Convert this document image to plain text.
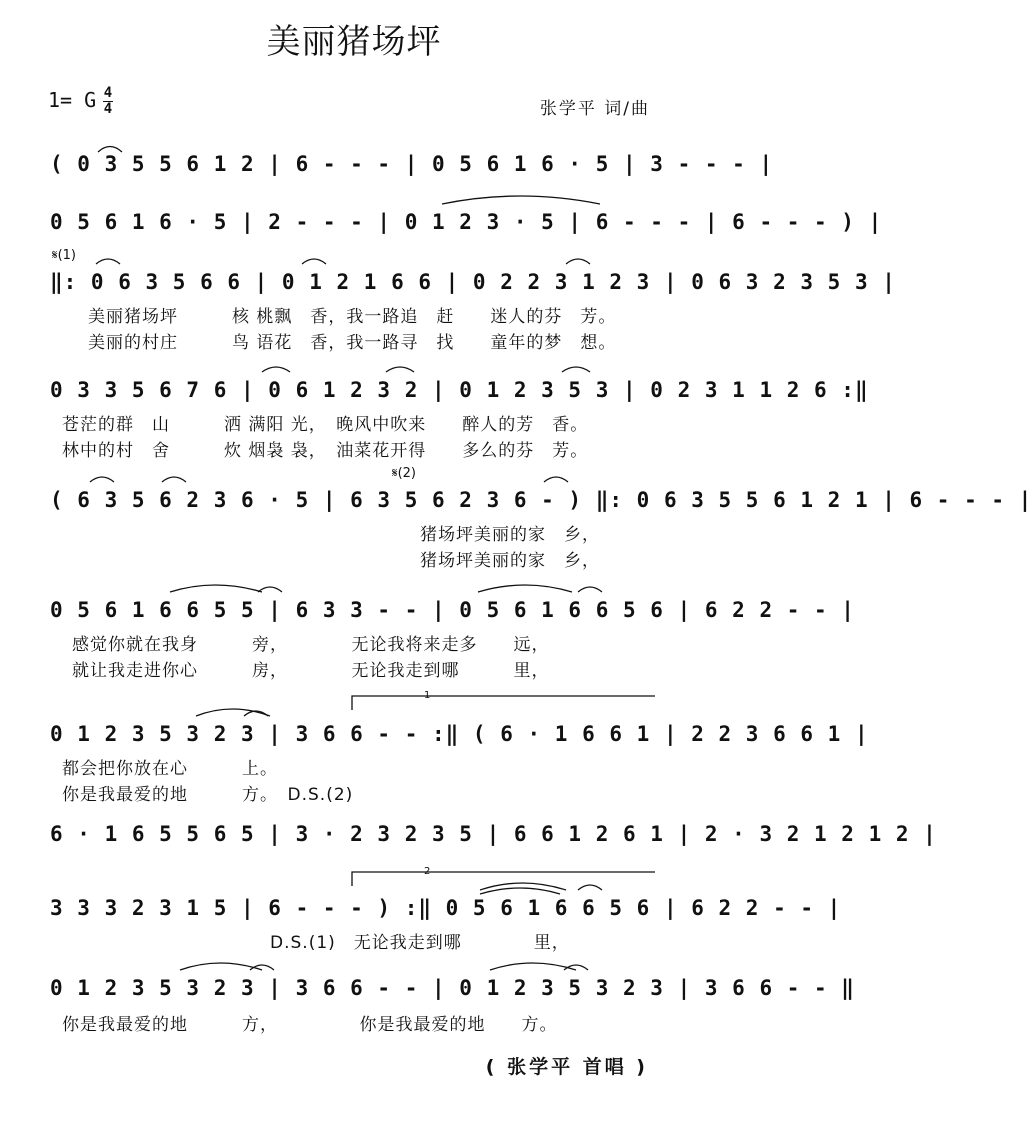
美丽猪场坪
1= G 4
4	张学平 词/曲
( 0 3 5 5 6 1 2 | 6 - - - | 0 5 6 1 6 · 5 | 3 - - - |
0 5 6 1 6 · 5 | 2 - - - | 0 1 2 3 · 5 | 6 - - - | 6 - - - ) |
𝄋(1)
‖: 0 6 3 5 6 6 | 0 1 2 1 6 6 | 0 2 2 3 1 2 3 | 0 6 3 2 3 5 3 |
美丽猪场坪　　　核 桃飘　香，我一路追　赶　　迷人的芬　芳。
美丽的村庄　　　鸟 语花　香，我一路寻　找　　童年的梦　想。
0 3 3 5 6 7 6 | 0 6 1 2 3 2 | 0 1 2 3 5 3 | 0 2 3 1 1 2 6 :‖
苍茫的群　山　　　洒 满阳 光，　晚风中吹来　　醉人的芳　香。
林中的村　舍　　　炊 烟袅 袅，　油菜花开得　　多么的芬　芳。
𝄋(2)
( 6 3 5 6 2 3 6 · 5 | 6 3 5 6 2 3 6 - ) ‖: 0 6 3 5 5 6 1 2 1 | 6 - - - |
猪场坪美丽的家　乡，
猪场坪美丽的家　乡，
0 5 6 1 6 6 5 5 | 6 3 3 - - | 0 5 6 1 6 6 5 6 | 6 2 2 - - |
感觉你就在我身　　　旁，　　　　无论我将来走多　　远，
就让我走进你心　　　房，　　　　无论我走到哪　　　里，
1
0 1 2 3 5 3 2 3 | 3 6 6 - - :‖ ( 6 · 1 6 6 1 | 2 2 3 6 6 1 |
都会把你放在心　　　上。
你是我最爱的地　　　方。　D.S.(2)
6 · 1 6 5 5 6 5 | 3 · 2 3 2 3 5 | 6 6 1 2 6 1 | 2 · 3 2 1 2 1 2 |
2
3 3 3 2 3 1 5 | 6 - - - ) :‖ 0 5 6 1 6 6 5 6 | 6 2 2 - - |
D.S.(1)　无论我走到哪　　　　里，
0 1 2 3 5 3 2 3 | 3 6 6 - - | 0 1 2 3 5 3 2 3 | 3 6 6 - - ‖
你是我最爱的地　　　方，　　　　　你是我最爱的地　　方。
( 张学平 首唱 )
